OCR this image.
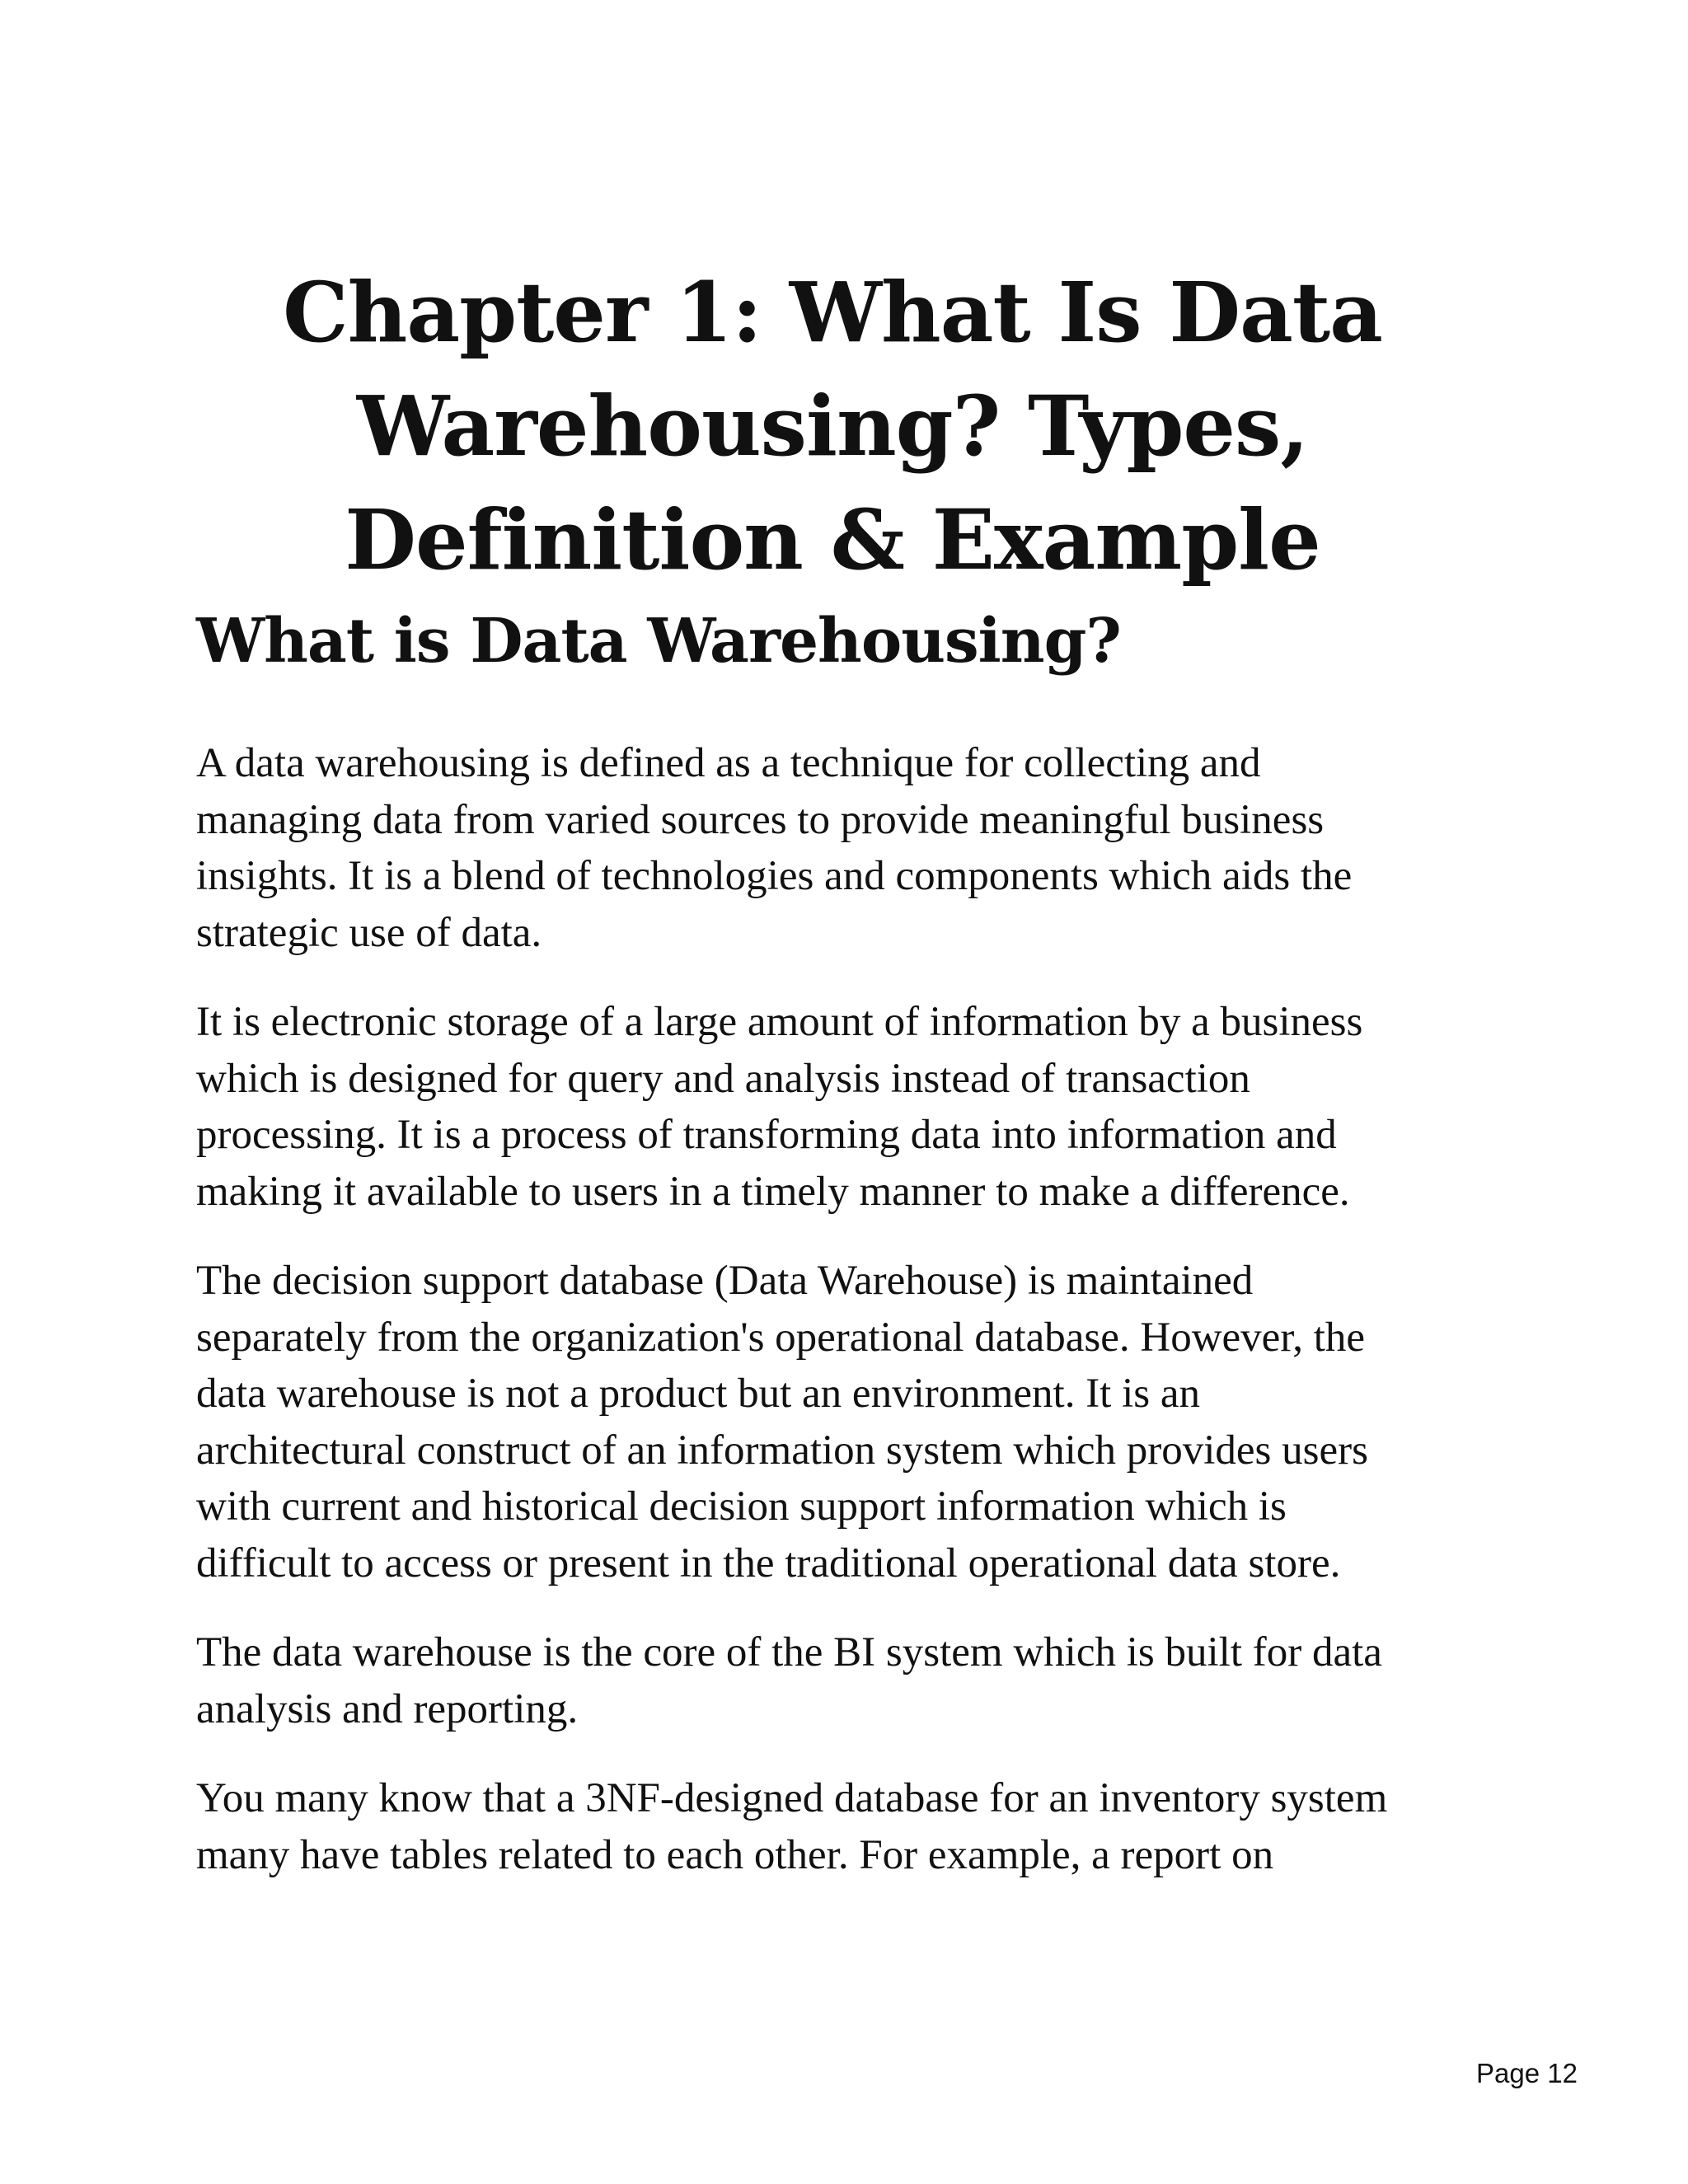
Chapter 1: What Is Data
Warehousing? Types,
Definition & Example
What is Data Warehousing?

A data warehousing is defined as a technique for collecting and
managing data from varied sources to provide meaningful business
insights. It is a blend of technologies and components which aids the
strategic use of data.

It is electronic storage of a large amount of information by a business
which is designed for query and analysis instead of transaction
processing. It is a process of transforming data into information and
making it available to users in a timely manner to make a difference.

The decision support database (Data Warehouse) is maintained
separately from the organization's operational database. However, the
data warehouse is not a product but an environment. It is an
architectural construct of an information system which provides users
with current and historical decision support information which is
difficult to access or present in the traditional operational data store.

The data warehouse is the core of the BI system which is built for data
analysis and reporting.

You many know that a 3NF-designed database for an inventory system
many have tables related to each other. For example, a report on

Page 12
